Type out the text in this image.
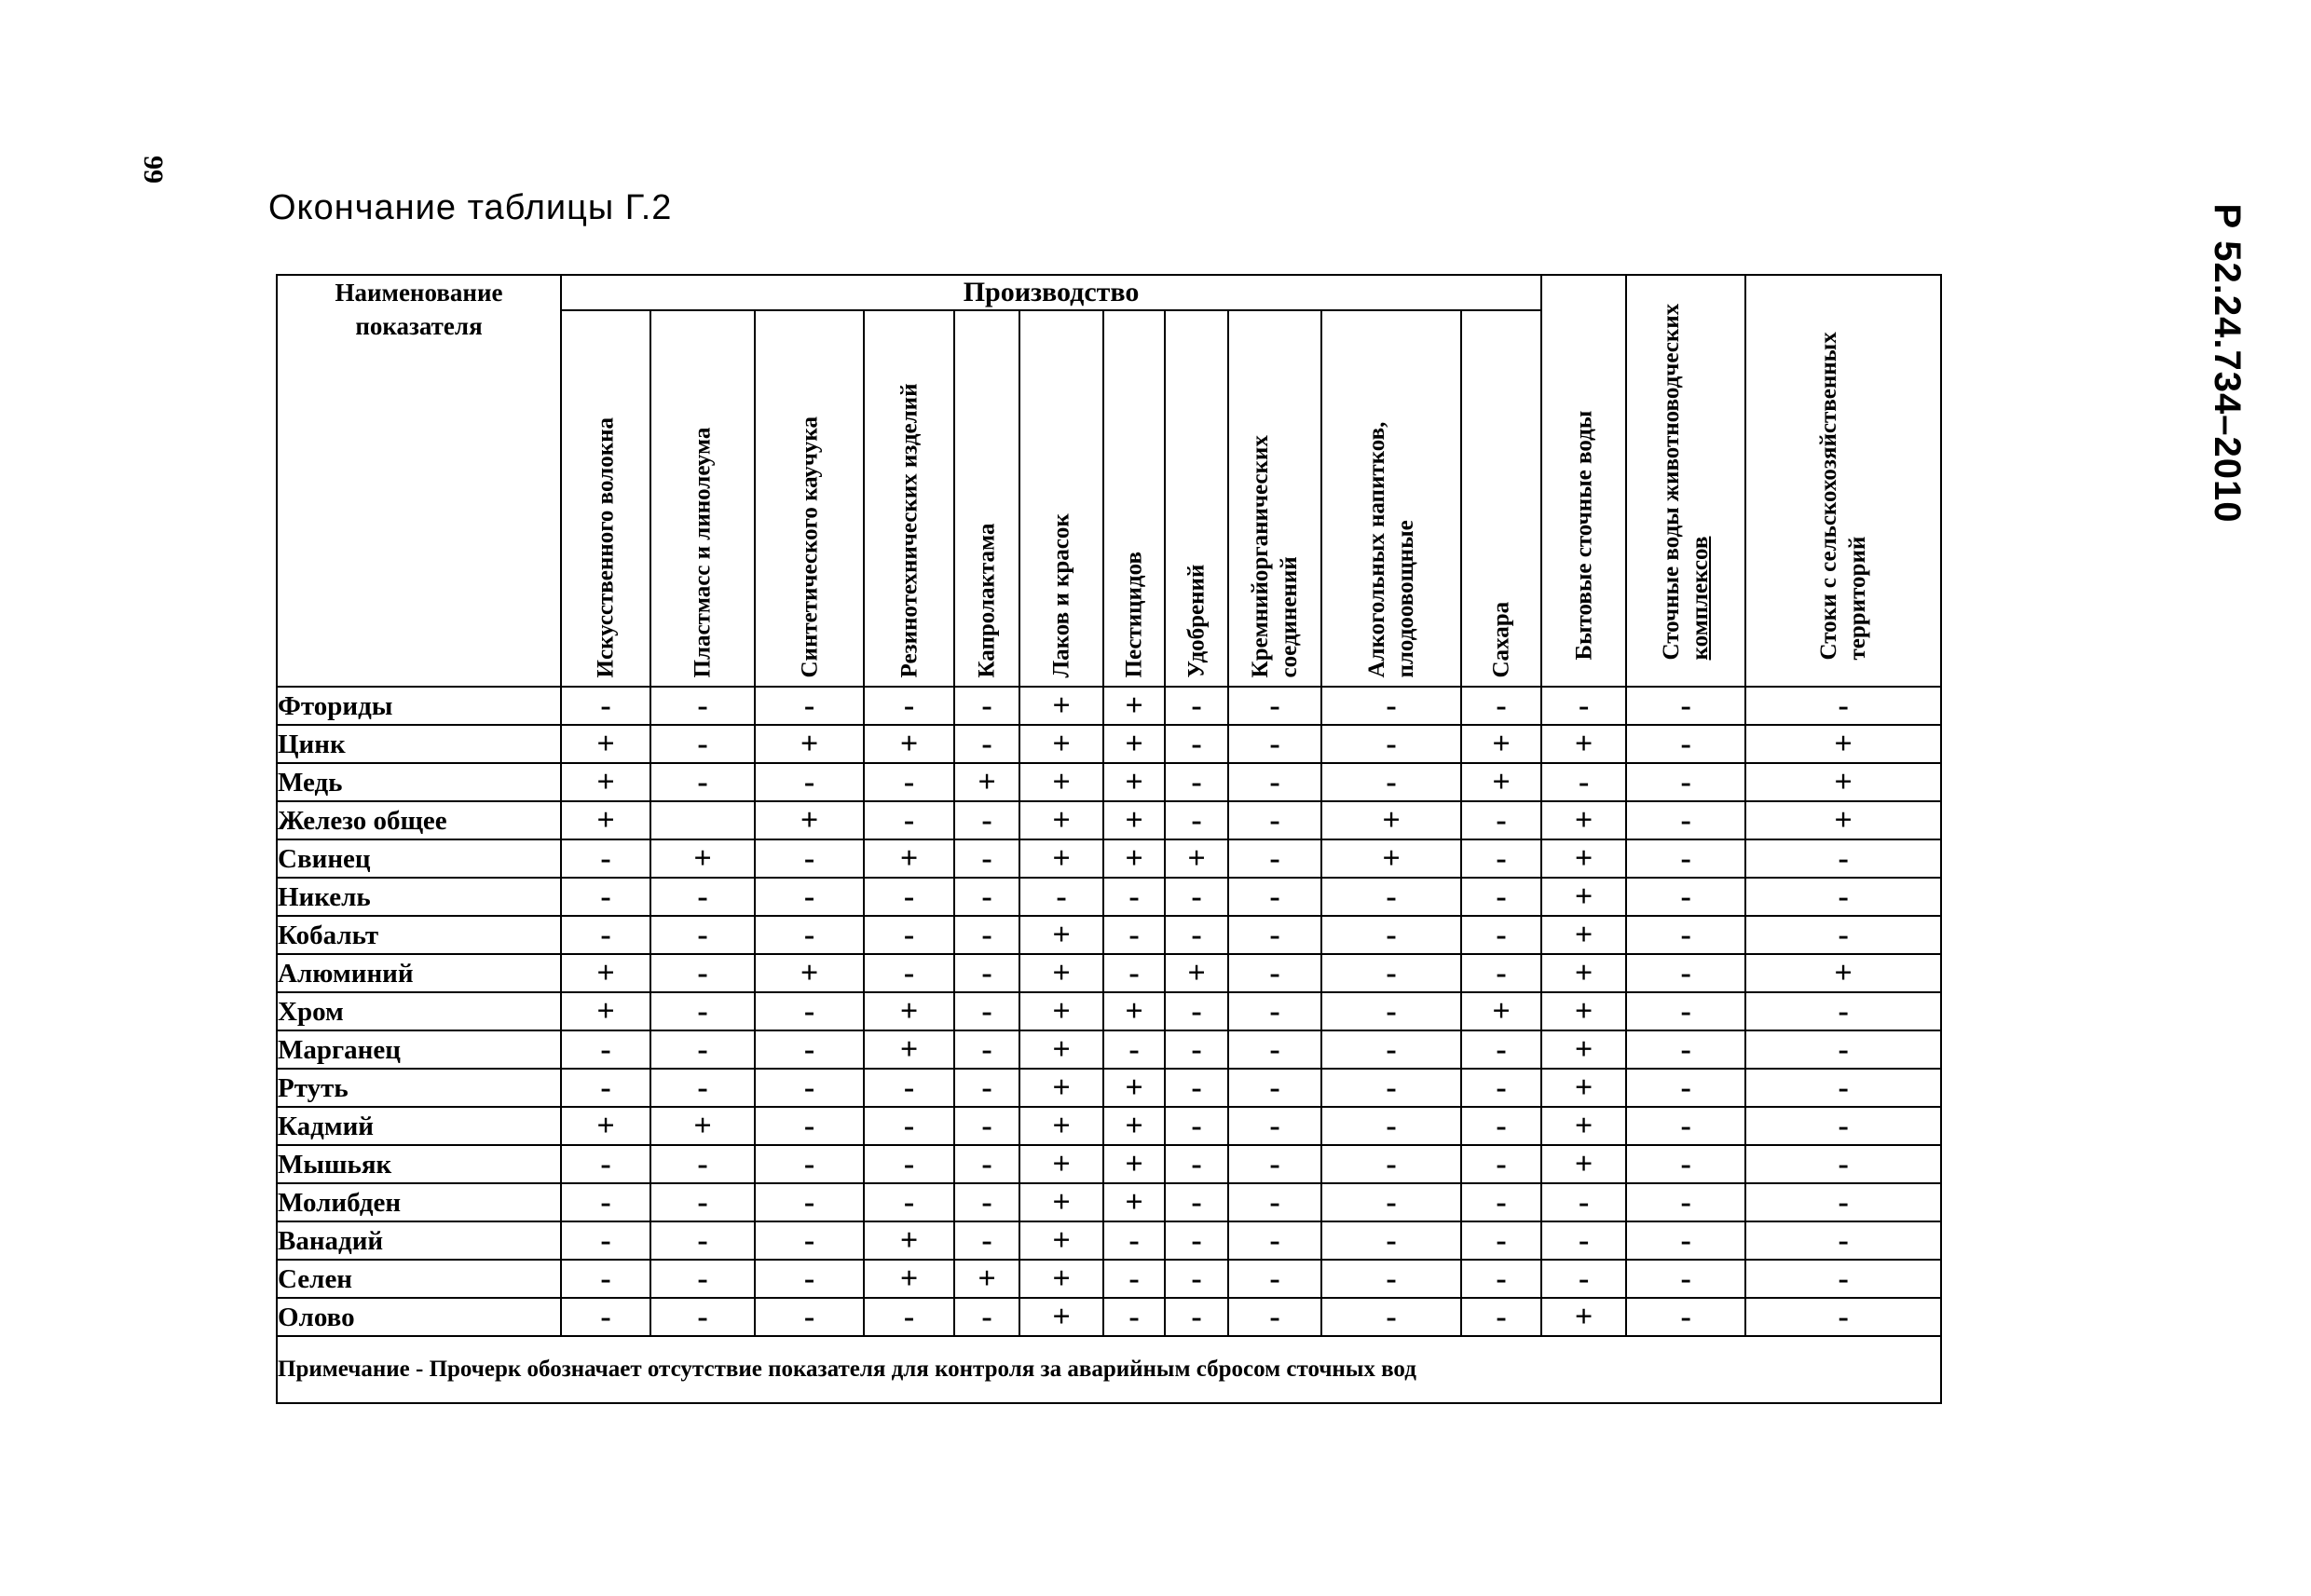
99
Р 52.24.734–2010
Окончание таблицы Г.2
Наименование показателя	Производство											Бытовые сточные воды	Сточные воды животноводческих комплексов	Стоки с сельскохозяйственных территорий

	Искусственного волокна	Пластмасс и линолеума	Синтетического каучука	Резинотехнических изделий	Капролактама	Лаков и красок	Пестицидов	Удобрений	Кремнийорганических соединений	Алкогольных напитков, плодоовощные	Сахара			

Фториды	-	-	-	-	-	+	+	-	-	-	-	-	-	-
Цинк	+	-	+	+	-	+	+	-	-	-	+	+	-	+
Медь	+	-	-	-	+	+	+	-	-	-	+	-	-	+
Железо общее	+		+	-	-	+	+	-	-	+	-	+	-	+
Свинец	-	+	-	+	-	+	+	+	-	+	-	+	-	-
Никель	-	-	-	-	-	-	-	-	-	-	-	+	-	-
Кобальт	-	-	-	-	-	+	-	-	-	-	-	+	-	-
Алюминий	+	-	+	-	-	+	-	+	-	-	-	+	-	+
Хром	+	-	-	+	-	+	+	-	-	-	+	+	-	-
Марганец	-	-	-	+	-	+	-	-	-	-	-	+	-	-
Ртуть	-	-	-	-	-	+	+	-	-	-	-	+	-	-
Кадмий	+	+	-	-	-	+	+	-	-	-	-	+	-	-
Мышьяк	-	-	-	-	-	+	+	-	-	-	-	+	-	-
Молибден	-	-	-	-	-	+	+	-	-	-	-	-	-	-
Ванадий	-	-	-	+	-	+	-	-	-	-	-	-	-	-
Селен	-	-	-	+	+	+	-	-	-	-	-	-	-	-
Олово	-	-	-	-	-	+	-	-	-	-	-	+	-	-
Примечание - Прочерк обозначает отсутствие показателя для контроля за аварийным сбросом сточных вод														
